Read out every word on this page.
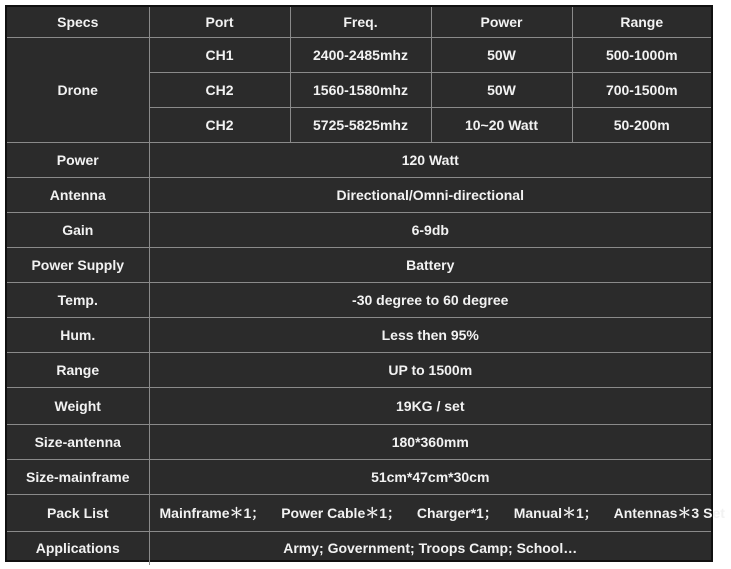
Specs	Port	Freq.	Power	Range
Drone	CH1	2400-2485mhz	50W	500-1000m
	CH2	1560-1580mhz	50W	700-1500m
	CH2	5725-5825mhz	10~20 Watt	50-200m
Power	120 Watt			
Antenna	Directional/Omni-directional			
Gain	6-9db			
Power Supply	Battery			
Temp.	-30 degree to 60 degree			
Hum.	Less then 95%			
Range	UP to 1500m			
Weight	19KG / set			
Size-antenna	180*360mm			
Size-mainframe	51cm*47cm*30cm			
Pack List	Mainframe＊1； Power Cable＊1； Charger*1； Manual＊1； Antennas＊3 Set			
Applications	Army; Government; Troops Camp; School…			
